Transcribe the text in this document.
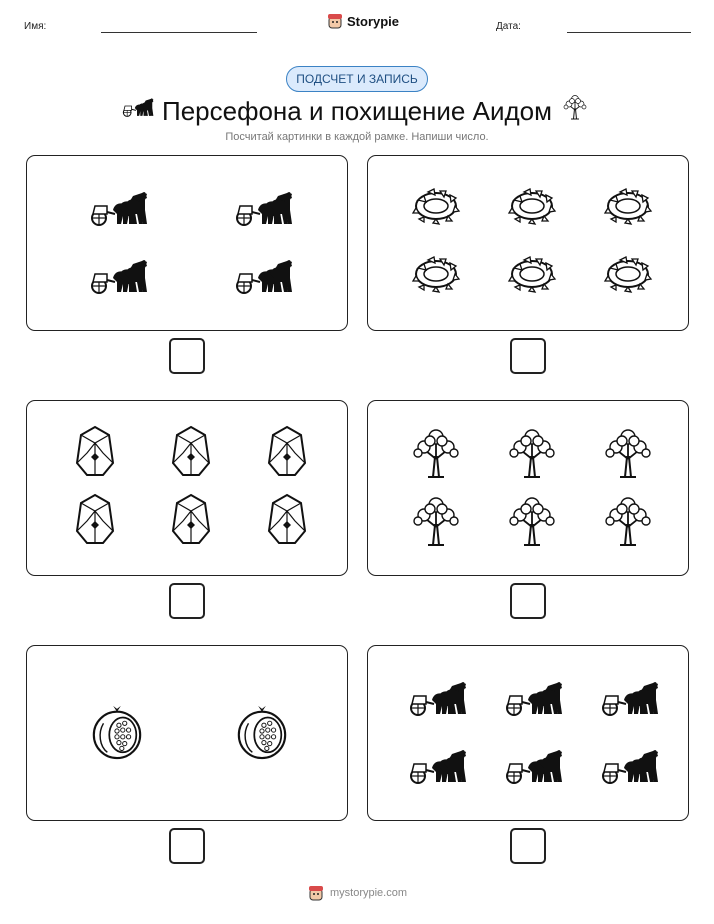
Имя:	Storypie	Дата:
ПОДСЧЕТ И ЗАПИСЬ
Персефона и похищение Аидом
Посчитай картинки в каждой рамке. Напиши число.
mystorypie.com
